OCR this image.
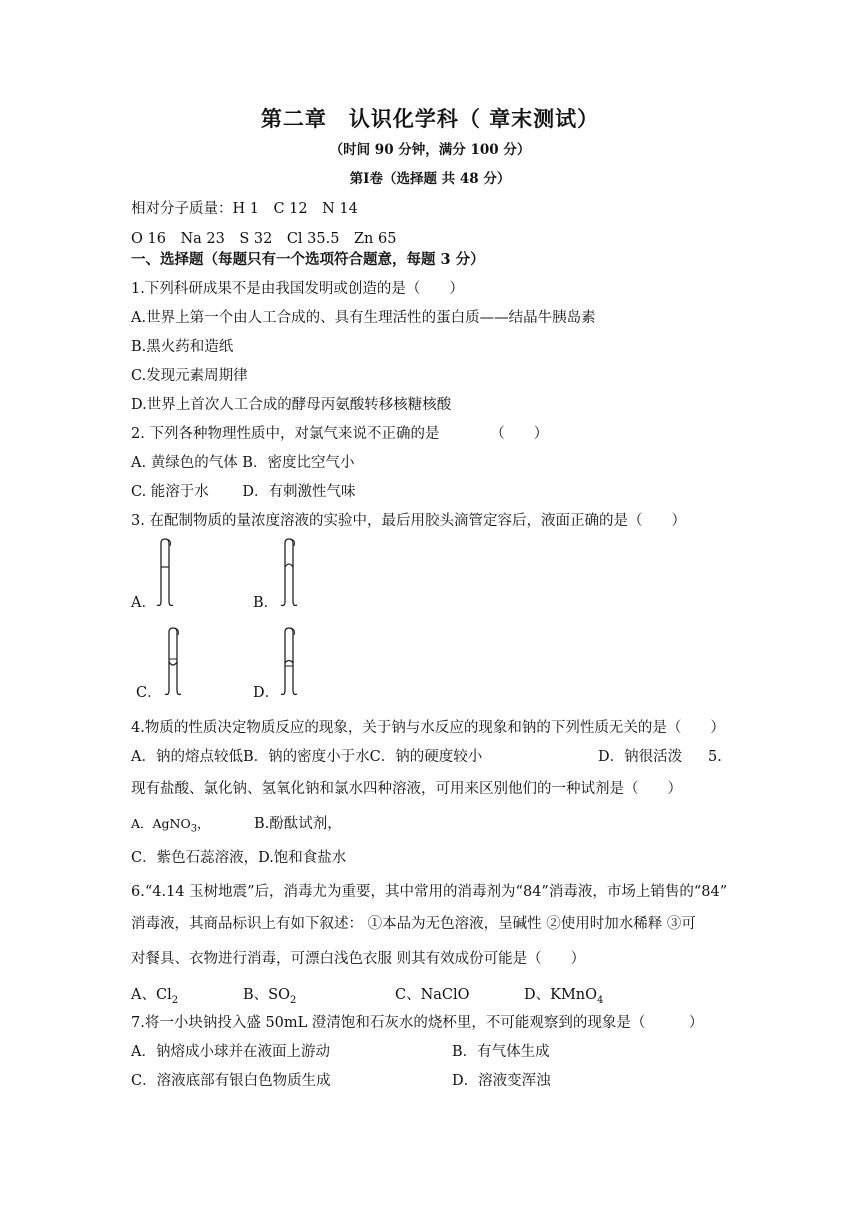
第二章　认识化学科（ 章末测试）
（时间 90 分钟，满分 100 分）
第Ⅰ卷（选择题 共 48 分）
相对分子质量：H 1　C 12　N 14
O 16　Na 23　S 32　Cl 35.5　Zn 65
一、选择题（每题只有一个选项符合题意，每题 3 分）
1.下列科研成果不是由我国发明或创造的是（　　）
A.世界上第一个由人工合成的、具有生理活性的蛋白质——结晶牛胰岛素
B.黑火药和造纸
C.发现元素周期律
D.世界上首次人工合成的酵母丙氨酸转移核糖核酸
2. 下列各种物理性质中，对氯气来说不正确的是　　　　（　　）
A. 黄绿色的气体 B．密度比空气小
C. 能溶于水　　 D．有刺激性气味
3. 在配制物质的量浓度溶液的实验中，最后用胶头滴管定容后，液面正确的是（　　）
A．	B．
C．	D．
4.物质的性质决定物质反应的现象，关于钠与水反应的现象和钠的下列性质无关的是（　　）
A．钠的熔点较低B．钠的密度小于水C．钠的硬度较小	D．钠很活泼 5.
现有盐酸、氯化钠、氢氧化钠和氯水四种溶液，可用来区别他们的一种试剂是（　　）
A．AgNO$_3$，	B.酚酞试剂，
C．紫色石蕊溶液，D.饱和食盐水
6.“4.14 玉树地震”后，消毒尤为重要，其中常用的消毒剂为“84”消毒液，市场上销售的“84”
消毒液，其商品标识上有如下叙述： ①本品为无色溶液，呈碱性 ②使用时加水稀释 ③可
对餐具、衣物进行消毒，可漂白浅色衣服 则其有效成份可能是（　　）
A、$Cl_2$	B、$SO_2$	C、NaClO	D、KMnO$_4$
7.将一小块钠投入盛 50mL 澄清饱和石灰水的烧杯里，不可能观察到的现象是（　　　）
A．钠熔成小球并在液面上游动	B．有气体生成
C．溶液底部有银白色物质生成	D．溶液变浑浊
